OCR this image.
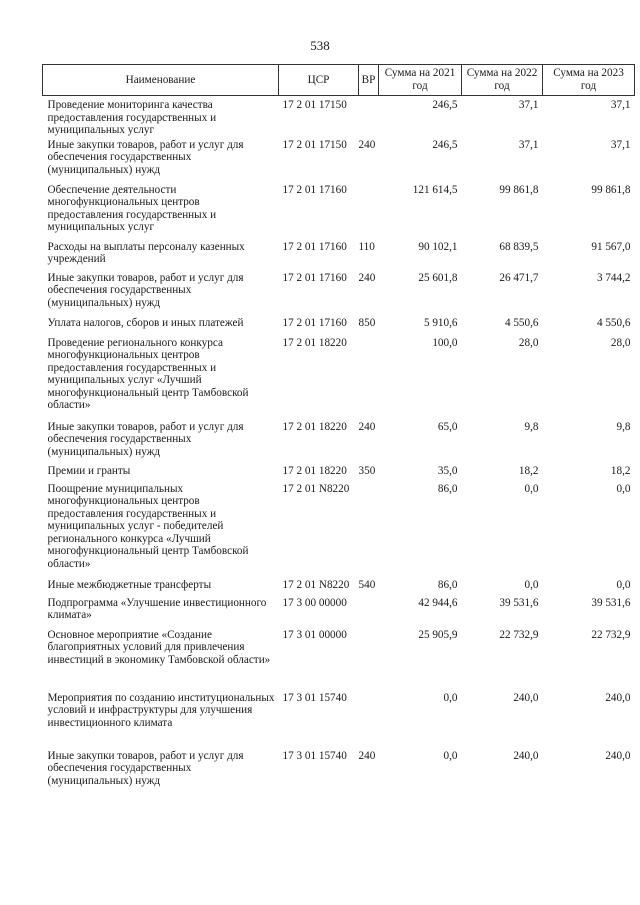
538
Наименование	ЦСР	ВР	Сумма на 2021 год	Сумма на 2022 год	Сумма на 2023 год
Проведение мониторинга качества предоставления государственных и муниципальных услуг	17 2 01 17150		246,5	37,1	37,1
Иные закупки товаров, работ и услуг для обеспечения государственных (муниципальных) нужд	17 2 01 17150	240	246,5	37,1	37,1
Обеспечение деятельности многофункциональных центров предоставления государственных и муниципальных услуг	17 2 01 17160		121 614,5	99 861,8	99 861,8
Расходы на выплаты персоналу казенных учреждений	17 2 01 17160	110	90 102,1	68 839,5	91 567,0
Иные закупки товаров, работ и услуг для обеспечения государственных (муниципальных) нужд	17 2 01 17160	240	25 601,8	26 471,7	3 744,2
Уплата налогов, сборов и иных платежей	17 2 01 17160	850	5 910,6	4 550,6	4 550,6
Проведение регионального конкурса многофункциональных центров предоставления государственных и муниципальных услуг «Лучший многофункциональный центр Тамбовской области»	17 2 01 18220		100,0	28,0	28,0
Иные закупки товаров, работ и услуг для обеспечения государственных (муниципальных) нужд	17 2 01 18220	240	65,0	9,8	9,8
Премии и гранты	17 2 01 18220	350	35,0	18,2	18,2
Поощрение муниципальных многофункциональных центров предоставления государственных и муниципальных услуг - победителей регионального конкурса «Лучший многофункциональный центр Тамбовской области»	17 2 01 N8220		86,0	0,0	0,0
Иные межбюджетные трансферты	17 2 01 N8220	540	86,0	0,0	0,0
Подпрограмма «Улучшение инвестиционного климата»	17 3 00 00000		42 944,6	39 531,6	39 531,6
Основное мероприятие «Создание благоприятных условий для привлечения инвестиций в экономику Тамбовской области»	17 3 01 00000		25 905,9	22 732,9	22 732,9
Мероприятия по созданию институциональных условий и инфраструктуры для улучшения инвестиционного климата	17 3 01 15740		0,0	240,0	240,0
Иные закупки товаров, работ и услуг для обеспечения государственных (муниципальных) нужд	17 3 01 15740	240	0,0	240,0	240,0
